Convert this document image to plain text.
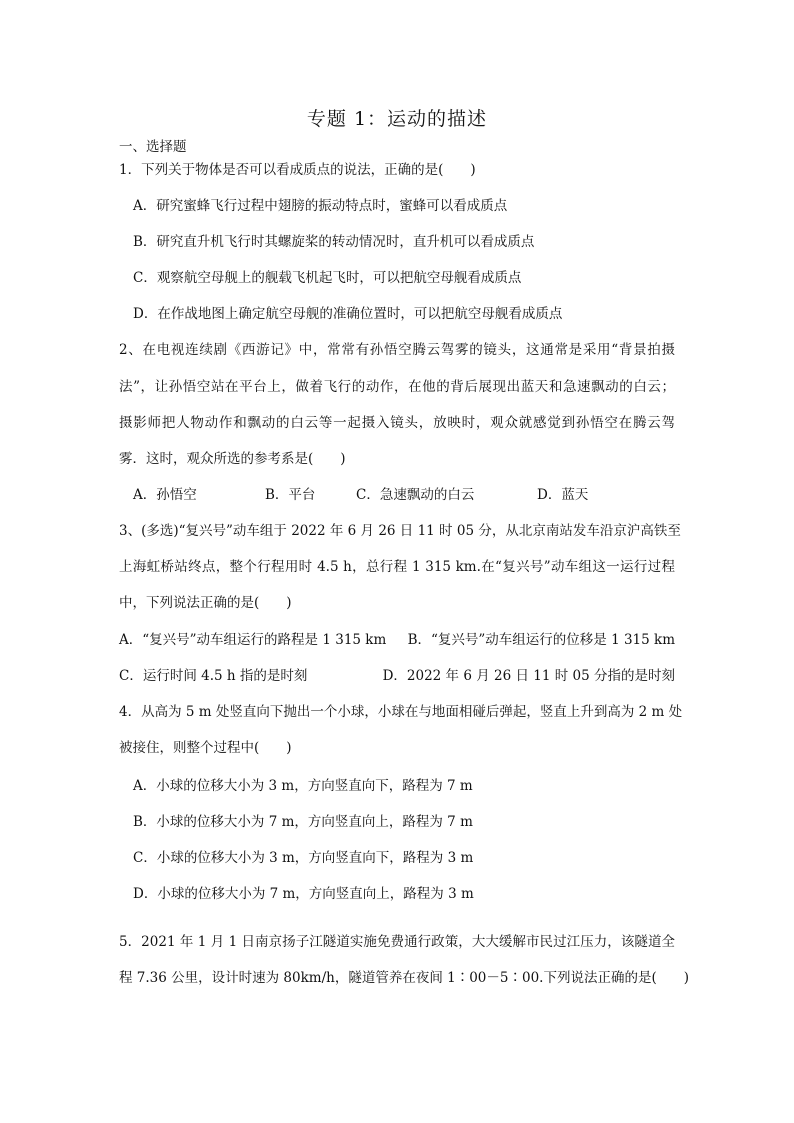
专题 1：运动的描述
一、选择题
1．下列关于物体是否可以看成质点的说法，正确的是(　　)
A．研究蜜蜂飞行过程中翅膀的振动特点时，蜜蜂可以看成质点
B．研究直升机飞行时其螺旋桨的转动情况时，直升机可以看成质点
C．观察航空母舰上的舰载飞机起飞时，可以把航空母舰看成质点
D．在作战地图上确定航空母舰的准确位置时，可以把航空母舰看成质点
2、在电视连续剧《西游记》中，常常有孙悟空腾云驾雾的镜头，这通常是采用“背景拍摄
法”，让孙悟空站在平台上，做着飞行的动作，在他的背后展现出蓝天和急速飘动的白云；
摄影师把人物动作和飘动的白云等一起摄入镜头，放映时，观众就感觉到孙悟空在腾云驾
雾．这时，观众所选的参考系是(　　)
A．孙悟空	B．平台	C．急速飘动的白云	D．蓝天
3、(多选)“复兴号”动车组于 2022 年 6 月 26 日 11 时 05 分，从北京南站发车沿京沪高铁至
上海虹桥站终点，整个行程用时 4.5 h，总行程 1 315 km.在“复兴号”动车组这一运行过程
中，下列说法正确的是(　　)
A．“复兴号”动车组运行的路程是 1 315 km B．“复兴号”动车组运行的位移是 1 315 km
C．运行时间 4.5 h 指的是时刻	D．2022 年 6 月 26 日 11 时 05 分指的是时刻
4．从高为 5 m 处竖直向下抛出一个小球，小球在与地面相碰后弹起，竖直上升到高为 2 m 处
被接住，则整个过程中(　　)
A．小球的位移大小为 3 m，方向竖直向下，路程为 7 m
B．小球的位移大小为 7 m，方向竖直向上，路程为 7 m
C．小球的位移大小为 3 m，方向竖直向下，路程为 3 m
D．小球的位移大小为 7 m，方向竖直向上，路程为 3 m
5．2021 年 1 月 1 日南京扬子江隧道实施免费通行政策，大大缓解市民过江压力，该隧道全
程 7.36 公里，设计时速为 80km/h，隧道管养在夜间 1∶00－5∶00.下列说法正确的是(　　)
